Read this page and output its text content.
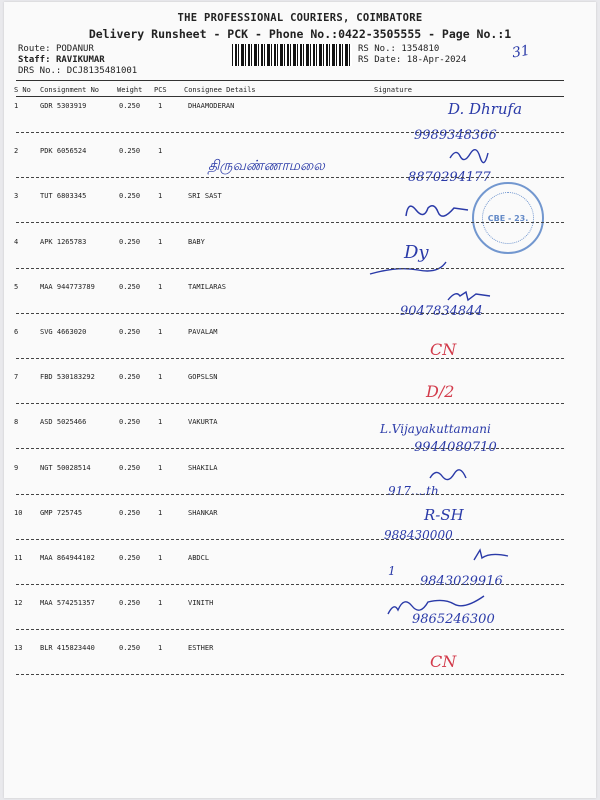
THE PROFESSIONAL COURIERS, COIMBATORE
Delivery Runsheet - PCK - Phone No.:0422-3505555 - Page No.:1
Route: PODANUR
Staff: RAVIKUMAR
DRS No.: DCJ8135481001
RS No.: 1354810
RS Date: 18-Apr-2024	31
S No Consignment No	Weight PCS Consignee Details	Signature
1	GDR 5303919	0.250	1	DHAAMODERAN
2	PDK 6056524	0.250	1
3	TUT 6803345	0.250	1	SRI SAST
4	APK 1265783	0.250	1	BABY
5	MAA 944773789	0.250	1	TAMILARAS
6	SVG 4663020	0.250	1	PAVALAM
7	FBD 530183292	0.250	1	GOPSLSN
8	ASD 5025466	0.250	1	VAKURTA
9	NGT 50028514	0.250	1	SHAKILA
10	GMP 725745	0.250	1	SHANKAR
11	MAA 864944102	0.250	1	ABDCL
12	MAA 574251357	0.250	1	VINITH
13	BLR 415823440	0.250	1	ESTHER
D. Dhrufa
9989348366
திருவண்ணாமலை
8870294177
CBE - 23.
Dy
9047834844
CN
D/2
L.Vijayakuttamani
9944080710
917....th
R-SH
988430000
1
9843029916
9865246300
CN
